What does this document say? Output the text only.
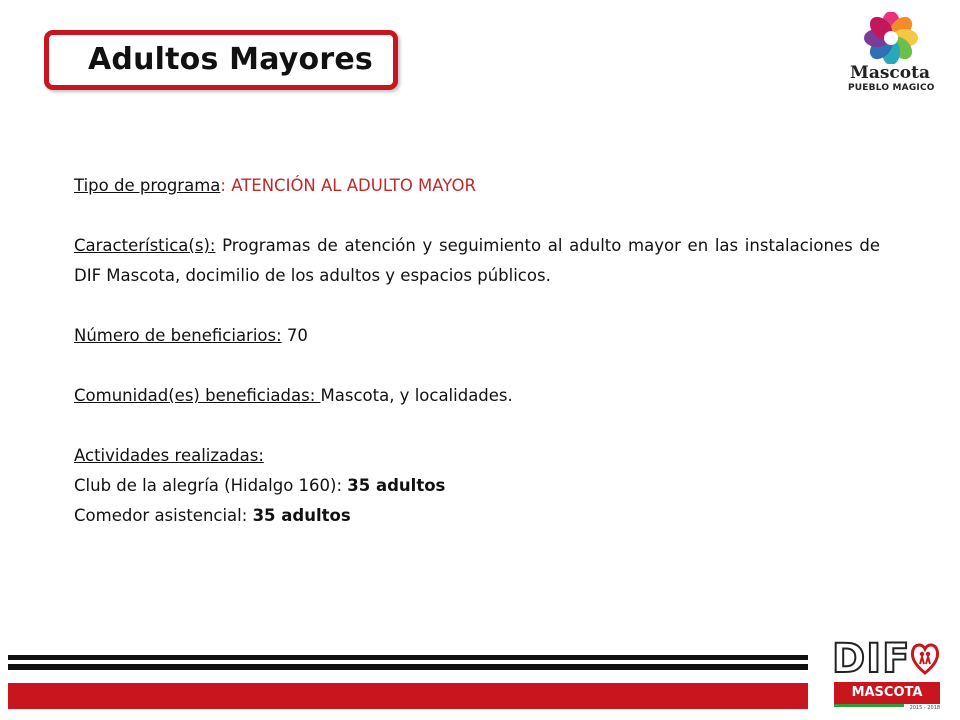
Adultos Mayores	Mascota
PUEBLO MAGICO

Tipo de programa: ATENCIÓN AL ADULTO MAYOR

Característica(s): Programas de atención y seguimiento al adulto mayor en las instalaciones de DIF Mascota, docimilio de los adultos y espacios públicos.

Número de beneficiarios: 70

Comunidad(es) beneficiadas: Mascota, y localidades.

Actividades realizadas:

Club de la alegría (Hidalgo 160): 35 adultos

Comedor asistencial: 35 adultos

DIF
MASCOTA
2015 - 2018
